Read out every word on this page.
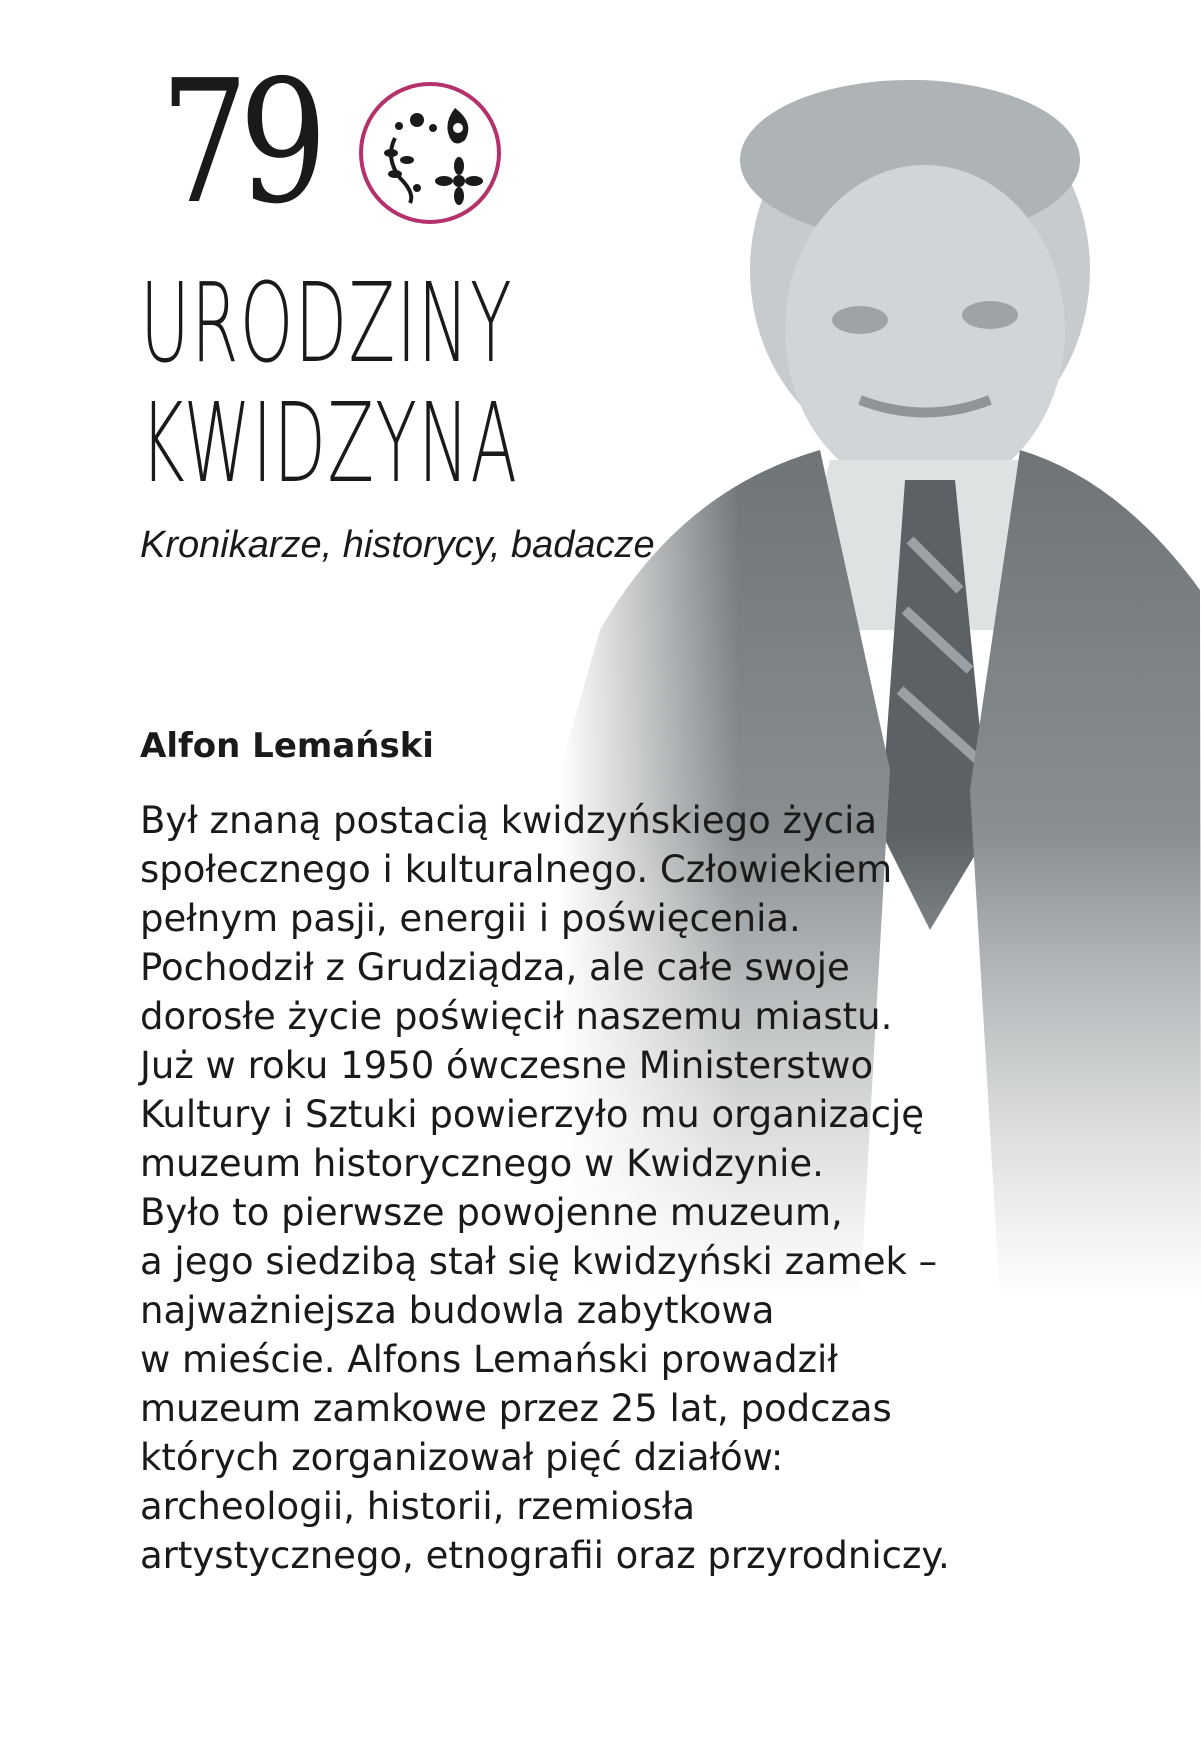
79
URODZINY
KWIDZYNA
Kronikarze, historycy, badacze
Alfon Lemański
Był znaną postacią kwidzyńskiego życia
społecznego i kulturalnego. Człowiekiem
pełnym pasji, energii i poświęcenia.
Pochodził z Grudziądza, ale całe swoje
dorosłe życie poświęcił naszemu miastu.
Już w roku 1950 ówczesne Ministerstwo
Kultury i Sztuki powierzyło mu organizację
muzeum historycznego w Kwidzynie.
Było to pierwsze powojenne muzeum,
a jego siedzibą stał się kwidzyński zamek –
najważniejsza budowla zabytkowa
w mieście. Alfons Lemański prowadził
muzeum zamkowe przez 25 lat, podczas
których zorganizował pięć działów:
archeologii, historii, rzemiosła
artystycznego, etnografii oraz przyrodniczy.
